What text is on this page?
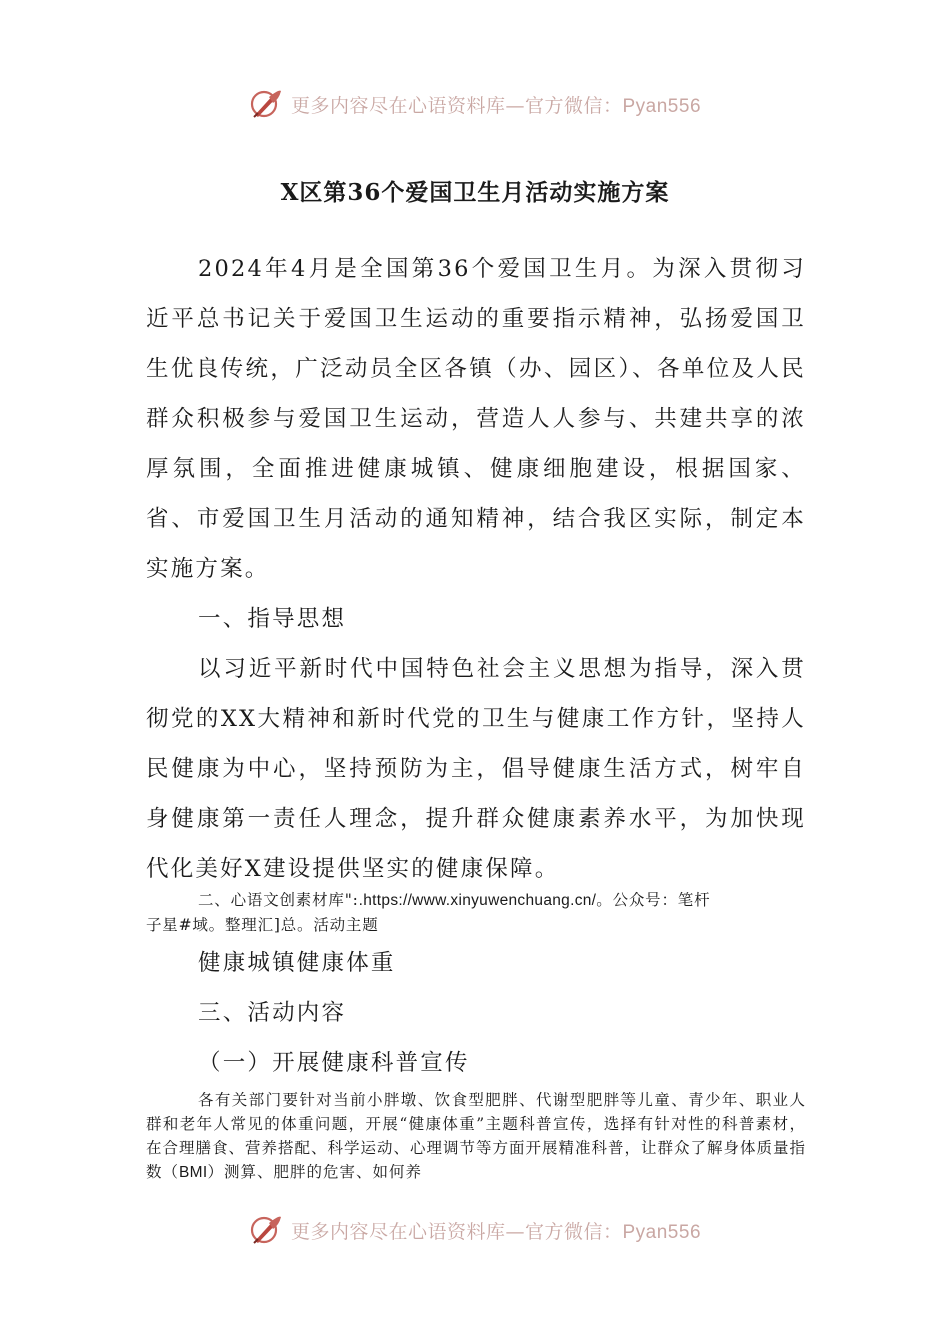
更多内容尽在心语资料库—官方微信：Pyan556
X区第36个爱国卫生月活动实施方案

2024年4月是全国第36个爱国卫生月。为深入贯彻习近平总书记关于爱国卫生运动的重要指示精神，弘扬爱国卫生优良传统，广泛动员全区各镇（办、园区）、各单位及人民群众积极参与爱国卫生运动，营造人人参与、共建共享的浓厚氛围，全面推进健康城镇、健康细胞建设，根据国家、省、市爱国卫生月活动的通知精神，结合我区实际，制定本实施方案。

一、指导思想

以习近平新时代中国特色社会主义思想为指导，深入贯彻党的XX大精神和新时代党的卫生与健康工作方针，坚持人民健康为中心，坚持预防为主，倡导健康生活方式，树牢自身健康第一责任人理念，提升群众健康素养水平，为加快现代化美好X建设提供坚实的健康保障。

二、心语文创素材库":.https://www.xinyuwenchuang.cn/。公众号：笔杆

子星#域。整理汇]总。活动主题

健康城镇健康体重

三、活动内容

（一）开展健康科普宣传

各有关部门要针对当前小胖墩、饮食型肥胖、代谢型肥胖等儿童、青少年、职业人群和老年人常见的体重问题，开展“健康体重”主题科普宣传，选择有针对性的科普素材，在合理膳食、营养搭配、科学运动、心理调节等方面开展精准科普，让群众了解身体质量指数（BMI）测算、肥胖的危害、如何养

更多内容尽在心语资料库—官方微信：Pyan556
